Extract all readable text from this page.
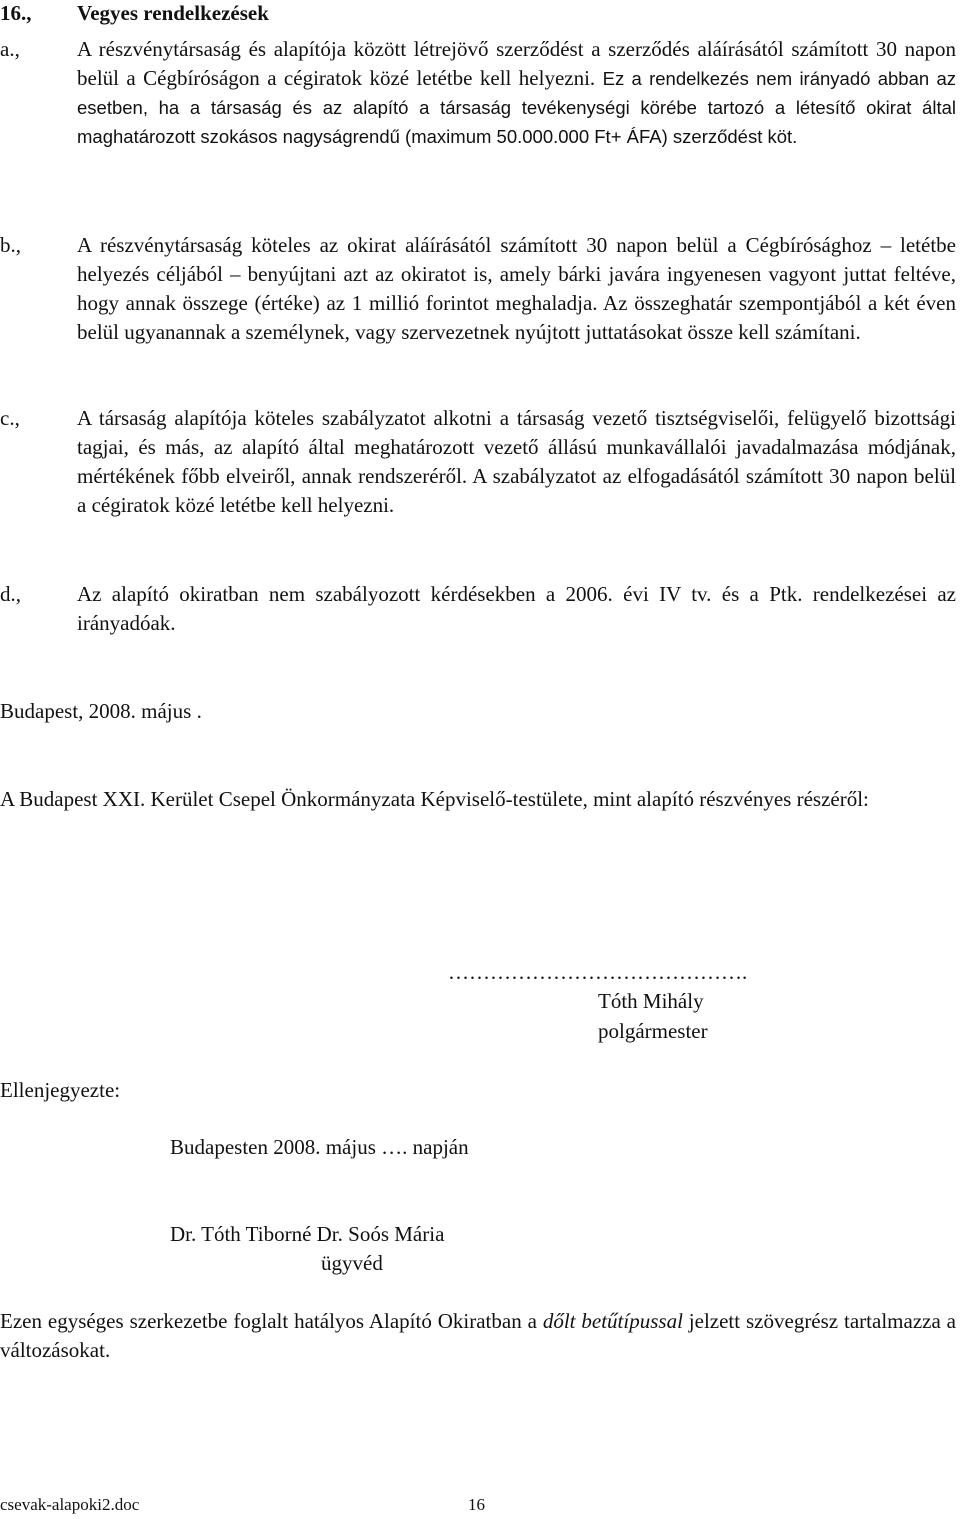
16., Vegyes rendelkezések
a.,	A részvénytársaság és alapítója között létrejövő szerződést a szerződés aláírásától számított 30 napon belül a Cégbíróságon a cégiratok közé letétbe kell helyezni. Ez a rendelkezés nem irányadó abban az esetben, ha a társaság és az alapító a társaság tevékenységi körébe tartozó a létesítő okirat által maghatározott szokásos nagyságrendű (maximum 50.000.000 Ft+ ÁFA) szerződést köt.
b.,	A részvénytársaság köteles az okirat aláírásától számított 30 napon belül a Cégbírósághoz – letétbe helyezés céljából – benyújtani azt az okiratot is, amely bárki javára ingyenesen vagyont juttat feltéve, hogy annak összege (értéke) az 1 millió forintot meghaladja. Az összeghatár szempontjából a két éven belül ugyanannak a személynek, vagy szervezetnek nyújtott juttatásokat össze kell számítani.
c.,	A társaság alapítója köteles szabályzatot alkotni a társaság vezető tisztségviselői, felügyelő bizottsági tagjai, és más, az alapító által meghatározott vezető állású munkavállalói javadalmazása módjának, mértékének főbb elveiről, annak rendszeréről. A szabályzatot az elfogadásától számított 30 napon belül a cégiratok közé letétbe kell helyezni.
d.,	Az alapító okiratban nem szabályozott kérdésekben a 2006. évi IV tv. és a Ptk. rendelkezései az irányadóak.
Budapest, 2008. május .
A Budapest XXI. Kerület Csepel Önkormányzata Képviselő-testülete, mint alapító részvényes részéről:
…………………………………….
Tóth Mihály
polgármester
Ellenjegyezte:
Budapesten 2008. május …. napján
Dr. Tóth Tiborné Dr. Soós Mária
ügyvéd
Ezen egységes szerkezetbe foglalt hatályos Alapító Okiratban a dőlt betűtípussal jelzett szövegrész tartalmazza a változásokat.
csevak-alapoki2.doc	16
